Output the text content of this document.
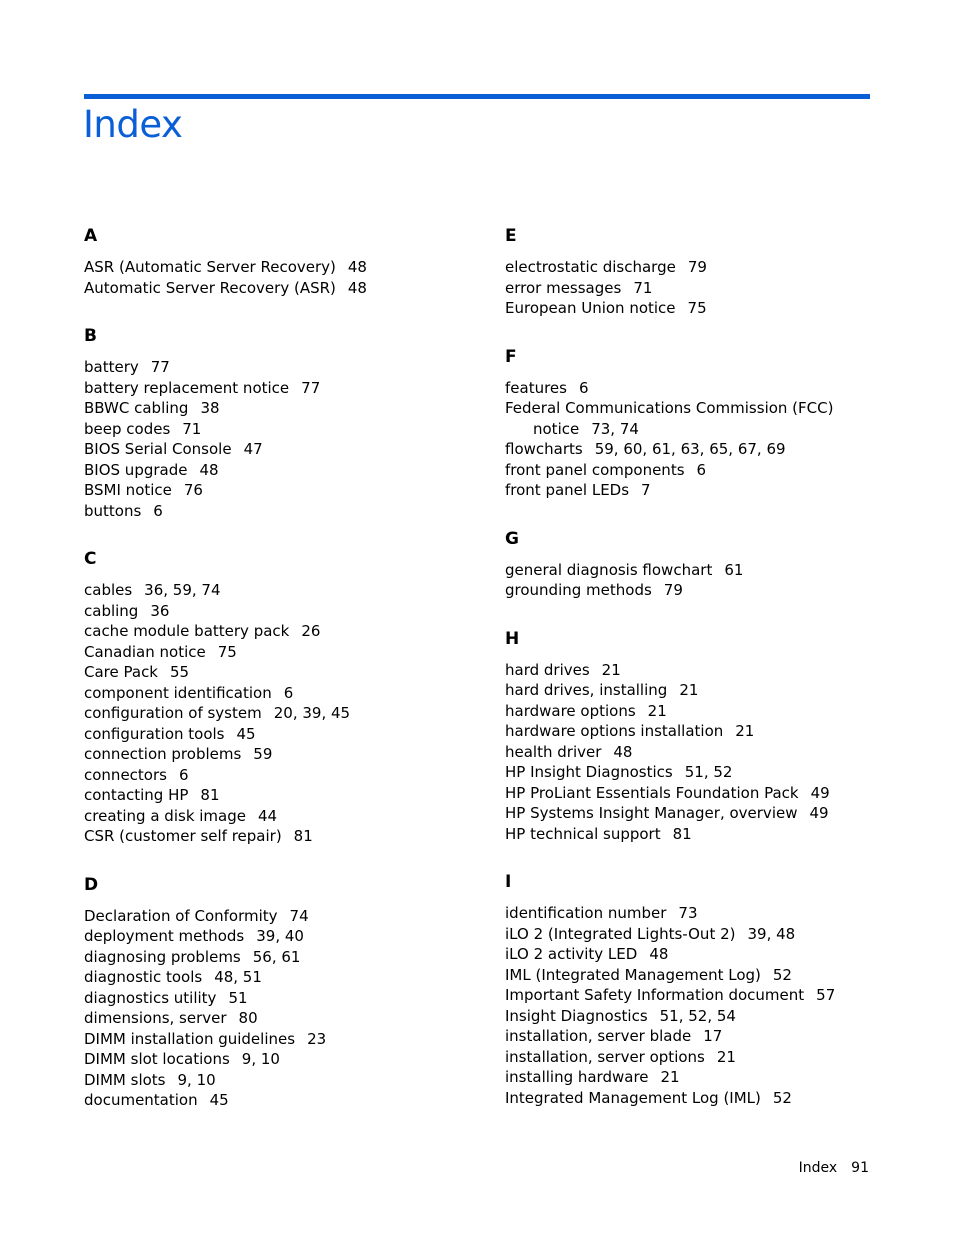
Index
A
ASR (Automatic Server Recovery) 48
Automatic Server Recovery (ASR) 48
B
battery 77
battery replacement notice 77
BBWC cabling 38
beep codes 71
BIOS Serial Console 47
BIOS upgrade 48
BSMI notice 76
buttons 6
C
cables 36, 59, 74
cabling 36
cache module battery pack 26
Canadian notice 75
Care Pack 55
component identification 6
configuration of system 20, 39, 45
configuration tools 45
connection problems 59
connectors 6
contacting HP 81
creating a disk image 44
CSR (customer self repair) 81
D
Declaration of Conformity 74
deployment methods 39, 40
diagnosing problems 56, 61
diagnostic tools 48, 51
diagnostics utility 51
dimensions, server 80
DIMM installation guidelines 23
DIMM slot locations 9, 10
DIMM slots 9, 10
documentation 45
E
electrostatic discharge 79
error messages 71
European Union notice 75
F
features 6
Federal Communications Commission (FCC)
notice 73, 74
flowcharts 59, 60, 61, 63, 65, 67, 69
front panel components 6
front panel LEDs 7
G
general diagnosis flowchart 61
grounding methods 79
H
hard drives 21
hard drives, installing 21
hardware options 21
hardware options installation 21
health driver 48
HP Insight Diagnostics 51, 52
HP ProLiant Essentials Foundation Pack 49
HP Systems Insight Manager, overview 49
HP technical support 81
I
identification number 73
iLO 2 (Integrated Lights-Out 2) 39, 48
iLO 2 activity LED 48
IML (Integrated Management Log) 52
Important Safety Information document 57
Insight Diagnostics 51, 52, 54
installation, server blade 17
installation, server options 21
installing hardware 21
Integrated Management Log (IML) 52
Index 91
